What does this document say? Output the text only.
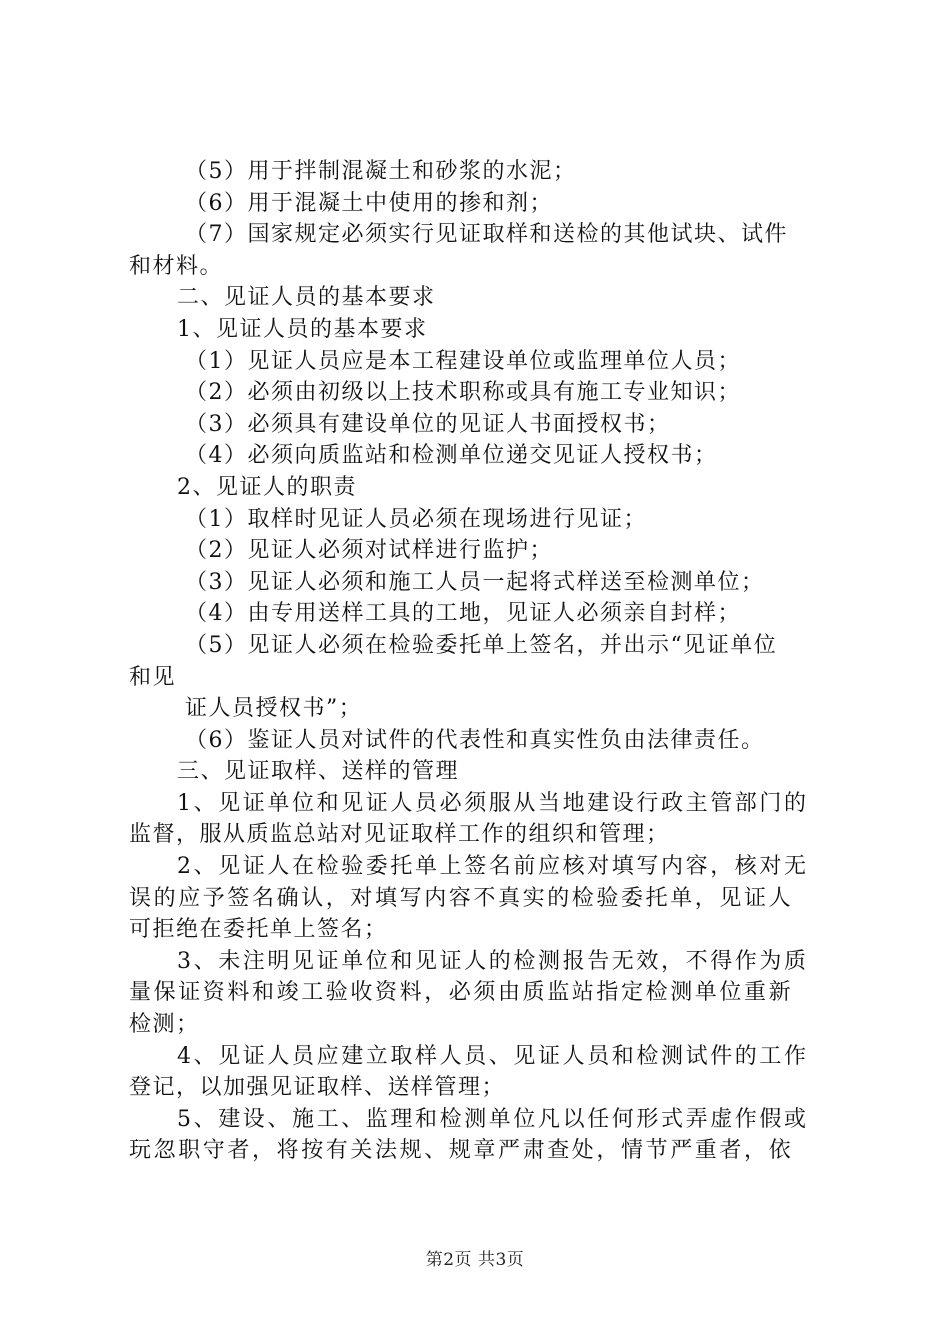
（5）用于拌制混凝土和砂浆的水泥；
（6）用于混凝土中使用的掺和剂；
（7）国家规定必须实行见证取样和送检的其他试块、试件
和材料。
二、见证人员的基本要求
1、见证人员的基本要求
（1）见证人员应是本工程建设单位或监理单位人员；
（2）必须由初级以上技术职称或具有施工专业知识；
（3）必须具有建设单位的见证人书面授权书；
（4）必须向质监站和检测单位递交见证人授权书；
2、见证人的职责
（1）取样时见证人员必须在现场进行见证；
（2）见证人必须对试样进行监护；
（3）见证人必须和施工人员一起将式样送至检测单位；
（4）由专用送样工具的工地，见证人必须亲自封样；
（5）见证人必须在检验委托单上签名，并出示“见证单位
和见
证人员授权书”；
（6）鉴证人员对试件的代表性和真实性负由法律责任。
三、见证取样、送样的管理
1、见证单位和见证人员必须服从当地建设行政主管部门的
监督，服从质监总站对见证取样工作的组织和管理；
2、见证人在检验委托单上签名前应核对填写内容，核对无
误的应予签名确认，对填写内容不真实的检验委托单，见证人
可拒绝在委托单上签名；
3、未注明见证单位和见证人的检测报告无效，不得作为质
量保证资料和竣工验收资料，必须由质监站指定检测单位重新
检测；
4、见证人员应建立取样人员、见证人员和检测试件的工作
登记，以加强见证取样、送样管理；
5、建设、施工、监理和检测单位凡以任何形式弄虚作假或
玩忽职守者，将按有关法规、规章严肃查处，情节严重者，依
第2页 共3页
